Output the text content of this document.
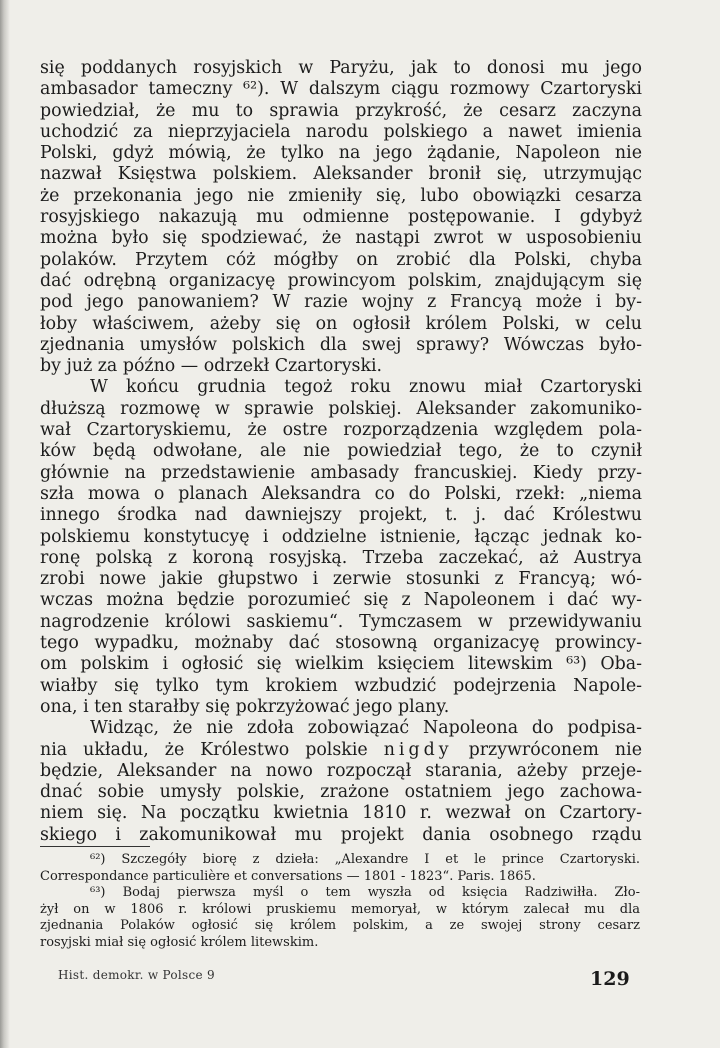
się poddanych rosyjskich w Paryżu, jak to donosi mu jego
ambasador tameczny ⁶²). W dalszym ciągu rozmowy Czartoryski
powiedział, że mu to sprawia przykrość, że cesarz zaczyna
uchodzić za nieprzyjaciela narodu polskiego a nawet imienia
Polski, gdyż mówią, że tylko na jego żądanie, Napoleon nie
nazwał Księstwa polskiem. Aleksander bronił się, utrzymując
że przekonania jego nie zmieniły się, lubo obowiązki cesarza
rosyjskiego nakazują mu odmienne postępowanie. I gdybyż
można było się spodziewać, że nastąpi zwrot w usposobieniu
polaków. Przytem cóż mógłby on zrobić dla Polski, chyba
dać odrębną organizacyę prowincyom polskim, znajdującym się
pod jego panowaniem? W razie wojny z Francyą może i by-
łoby właściwem, ażeby się on ogłosił królem Polski, w celu
zjednania umysłów polskich dla swej sprawy? Wówczas było-
by już za późno — odrzekł Czartoryski.
W końcu grudnia tegoż roku znowu miał Czartoryski
dłuższą rozmowę w sprawie polskiej. Aleksander zakomuniko-
wał Czartoryskiemu, że ostre rozporządzenia względem pola-
ków będą odwołane, ale nie powiedział tego, że to czynił
głównie na przedstawienie ambasady francuskiej. Kiedy przy-
szła mowa o planach Aleksandra co do Polski, rzekł: „niema
innego środka nad dawniejszy projekt, t. j. dać Królestwu
polskiemu konstytucyę i oddzielne istnienie, łącząc jednak ko-
ronę polską z koroną rosyjską. Trzeba zaczekać, aż Austrya
zrobi nowe jakie głupstwo i zerwie stosunki z Francyą; wó-
wczas można będzie porozumieć się z Napoleonem i dać wy-
nagrodzenie królowi saskiemu“. Tymczasem w przewidywaniu
tego wypadku, możnaby dać stosowną organizacyę prowincy-
om polskim i ogłosić się wielkim księciem litewskim ⁶³) Oba-
wiałby się tylko tym krokiem wzbudzić podejrzenia Napole-
ona, i ten starałby się pokrzyżować jego plany.
Widząc, że nie zdoła zobowiązać Napoleona do podpisa-
nia układu, że Królestwo polskie nigdy przywróconem nie
będzie, Aleksander na nowo rozpoczął starania, ażeby przeje-
dnać sobie umysły polskie, zrażone ostatniem jego zachowa-
niem się. Na początku kwietnia 1810 r. wezwał on Czartory-
skiego i zakomunikował mu projekt dania osobnego rządu
⁶²) Szczegóły biorę z dzieła: „Alexandre I et le prince Czartoryski.
Correspondance particulière et conversations — 1801 - 1823“. Paris. 1865.
⁶³) Bodaj pierwsza myśl o tem wyszła od księcia Radziwiłła. Zło-
żył on w 1806 r. królowi pruskiemu memoryał, w którym zalecał mu dla
zjednania Polaków ogłosić się królem polskim, a ze swojej strony cesarz
rosyjski miał się ogłosić królem litewskim.
Hist. demokr. w Polsce 9	129
